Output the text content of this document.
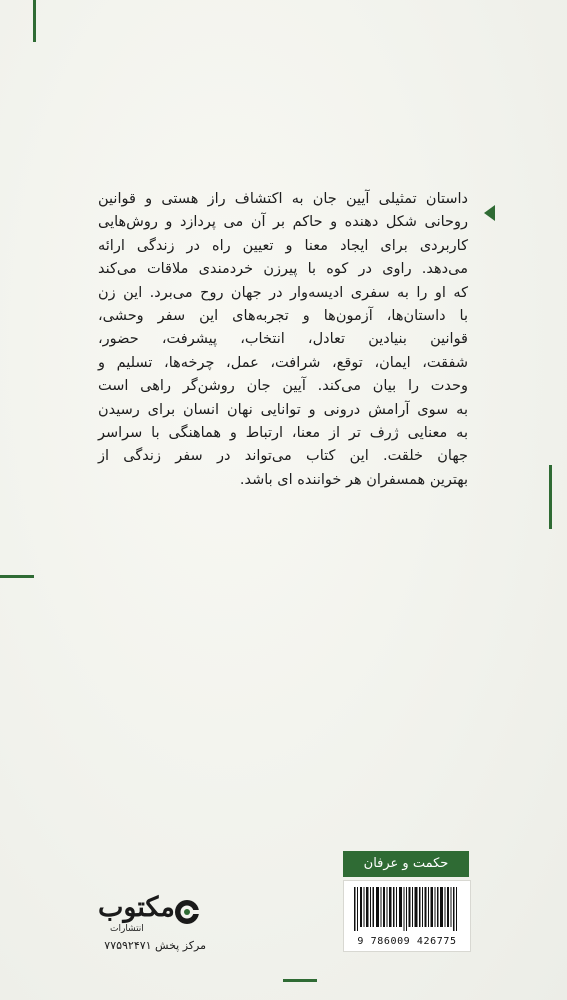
داستان تمثیلی آیین جان به اکتشاف راز هستی و قوانین
روحانی شکل دهنده و حاکم بر آن می پردازد و روش‌هایی
کاربردی برای ایجاد معنا و تعیین راه در زندگی ارائه
می‌دهد. راوی در کوه با پیرزن خردمندی ملاقات می‌کند
که او را به سفری ادیسه‌وار در جهان روح می‌برد. این زن
با داستان‌ها، آزمون‌ها و تجربه‌های این سفر وحشی،
قوانین بنیادین تعادل، انتخاب، پیشرفت، حضور،
شفقت، ایمان، توقع، شرافت، عمل، چرخه‌ها، تسلیم و
وحدت را بیان می‌کند. آیین جان روشن‌گر راهی است
به سوی آرامش درونی و توانایی نهان انسان برای رسیدن
به معنایی ژرف تر از معنا، ارتباط و هماهنگی با سراسر
جهان خلقت. این کتاب می‌تواند در سفر زندگی از
بهترین همسفران هر خواننده ای باشد.
حکمت و عرفان
9 786009 426775
مکتوب
انتشارات
مرکز پخش ۷۷۵۹۲۴۷۱
